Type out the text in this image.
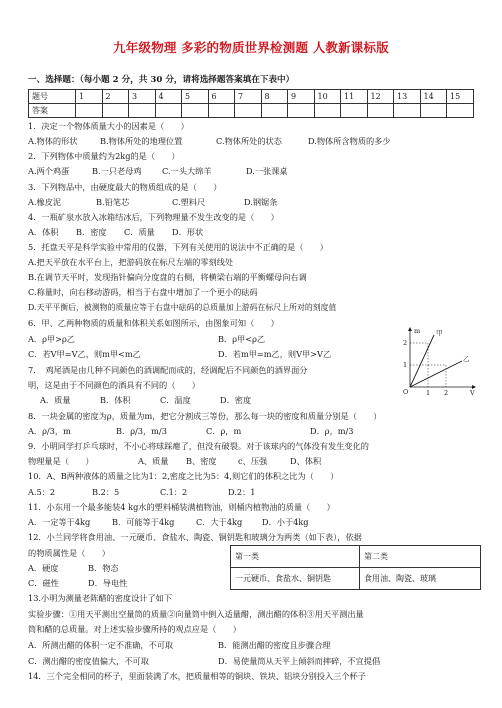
九年级物理 多彩的物质世界检测题 人教新课标版
一、选择题：（每小题 2 分，共 30 分，请将选择题答案填在下表中）
题号	1	2	3	4	5	6	7	8	9	10	11	12	13	14	15
答案															
1．决定一个物体质量大小的因素是（　　）
A.物体的形状	B.物体所处的地理位置	C.物体所处的状态	D.物体所含物质的多少
2．下列物体中质量约为2kg的是（　　）
A.两个鸡蛋	B.一只老母鸡	C.一头大绵羊	D.一张课桌
3．下列物品中，由硬度最大的物质组成的是（　　）
A.橡皮泥	B.铅笔芯	C.塑料尺	D.钢锯条
4．一瓶矿泉水放入冰箱结冰后，下列物理量不发生改变的是（　　）
A．体积	B．密度	C．质量	D．形状
5．托盘天平是科学实验中常用的仪器，下列有关使用的说法中不正确的是（　　）
A.把天平放在水平台上，把游码放在标尺左端的零刻线处
B.在调节天平时，发现指针偏向分度盘的右侧，将横梁右端的平衡螺母向右调
C.称量时，向右移动游码，相当于右盘中增加了一个更小的砝码
D.天平平衡后，被测物的质量应等于右盘中砝码的总质量加上游码在标尺上所对的刻度值
6．甲、乙两种物质的质量和体积关系如图所示，由图象可知（　　）
A．ρ甲>ρ乙	B．ρ甲<ρ乙
C．若V甲=V乙，则m甲<m乙	D．若m甲=m乙，则V甲>V乙
7．　鸡尾酒是由几种不同颜色的酒调配而成的，经调配后不同颜色的酒界面分
明，这是由于不同颜色的酒具有不同的（　　）
A．质量	B．体积	C．温度	D．密度
8．一块金属的密度为ρ，质量为m，把它分割成三等份，那么每一块的密度和质量分别是（　　）
A．ρ/3，m	B．ρ/3，m/3	C．ρ，m	D．ρ，m/3
9．小明同学打乒乓球时，不小心将球踩瘪了，但没有破裂。对于该球内的气体没有发生变化的
物理量是（　　）	A、质量	B、密度	c、压强	D、体积
10．A、B两种液体的质量之比为1：2,密度之比为5：4,则它们的体积之比为（　　）
A.5：2	B.2：5	C.1：2	D.2：1
11．小东用一个最多能装4 kg水的塑料桶装满植物油，则桶内植物油的质量（　　）
A．一定等于4kg	B．可能等于4kg	C．大于4kg	D．小于4kg
12．小兰同学将食用油、一元硬币、食盐水、陶瓷、铜钥匙和玻璃分为两类（如下表），依据
的物质属性是（　　）
A．硬度	B．物态
C．磁性	D．导电性
第一类	第二类
一元硬币、食盐水、铜钥匙	食用油、陶瓷、玻璃
13.小明为测量老陈醋的密度设计了如下
实验步骤：①用天平测出空量筒的质量②向量筒中倒入适量醋，测出醋的体积③用天平测出量
筒和醋的总质量。对上述实验步骤所持的观点应是（　　）
A．所测出醋的体积一定不准确，不可取	B．能测出醋的密度且步骤合理
C．测出醋的密度值偏大，不可取	D．易使量筒从天平上倾斜而摔碎，不宜提倡
14．三个完全相同的杯子，里面装满了水，把质量相等的铜块、铁块、铝块分别投入三个杯子
m
V
O	1 2
1
2
甲
乙
